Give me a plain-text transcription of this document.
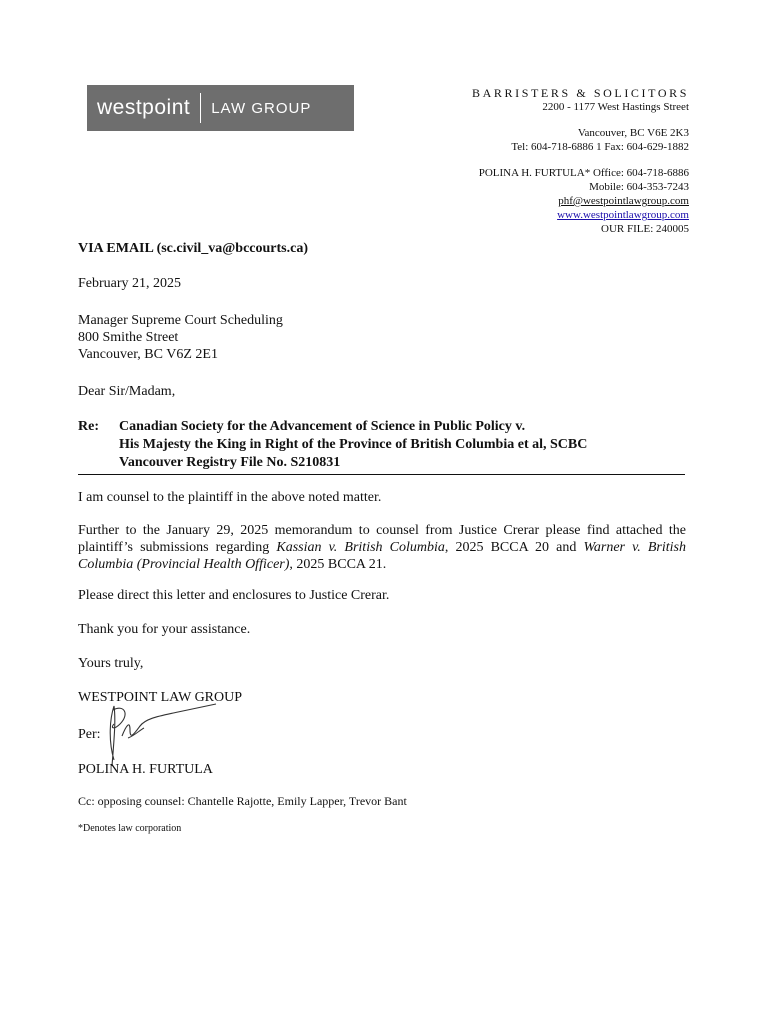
westpoint LAW GROUP
BARRISTERS & SOLICITORS
2200 - 1177 West Hastings Street
Vancouver, BC V6E 2K3
Tel: 604-718-6886 1 Fax: 604-629-1882
POLINA H. FURTULA* Office: 604-718-6886
Mobile: 604-353-7243
phf@westpointlawgroup.com
www.westpointlawgroup.com
OUR FILE: 240005
VIA EMAIL (sc.civil_va@bccourts.ca)
February 21, 2025
Manager Supreme Court Scheduling
800 Smithe Street
Vancouver, BC V6Z 2E1
Dear Sir/Madam,
Re:	Canadian Society for the Advancement of Science in Public Policy v.
His Majesty the King in Right of the Province of British Columbia et al, SCBC
Vancouver Registry File No. S210831
I am counsel to the plaintiff in the above noted matter.
Further to the January 29, 2025 memorandum to counsel from Justice Crerar please find attached the plaintiff’s submissions regarding Kassian v. British Columbia, 2025 BCCA 20 and Warner v. British Columbia (Provincial Health Officer), 2025 BCCA 21.
Please direct this letter and enclosures to Justice Crerar.
Thank you for your assistance.
Yours truly,
WESTPOINT LAW GROUP
Per:
POLINA H. FURTULA
Cc: opposing counsel: Chantelle Rajotte, Emily Lapper, Trevor Bant
*Denotes law corporation
